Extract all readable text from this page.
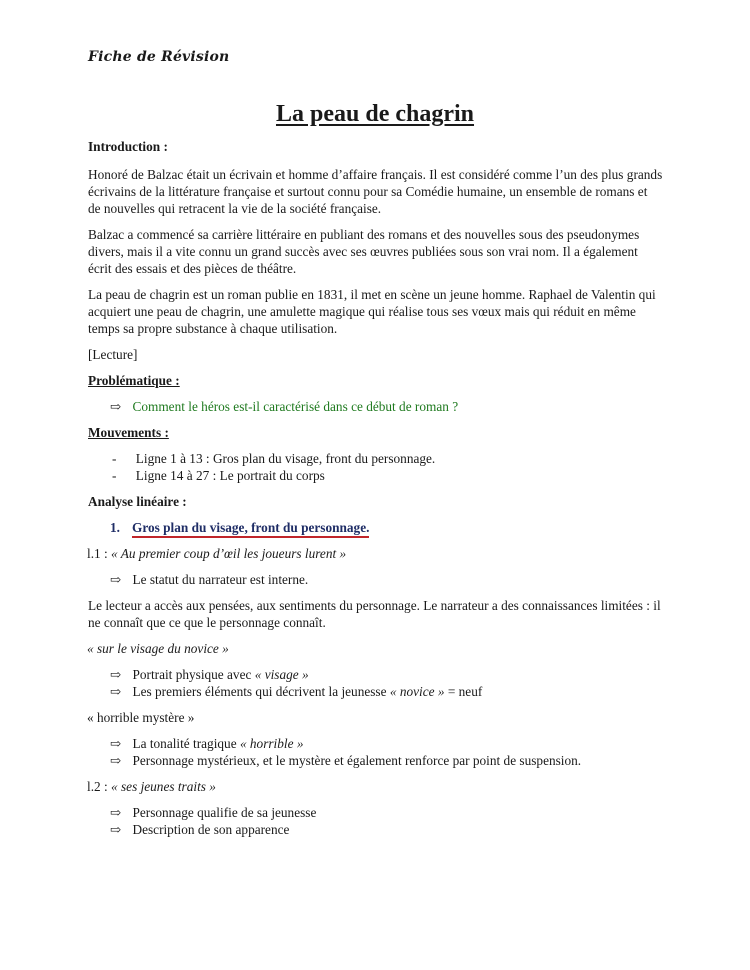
Fiche de Révision
La peau de chagrin

Introduction :

Honoré de Balzac était un écrivain et homme d’affaire français. Il est considéré comme l’un des plus grands écrivains de la littérature française et surtout connu pour sa Comédie humaine, un ensemble de romans et de nouvelles qui retracent la vie de la société française.

Balzac a commencé sa carrière littéraire en publiant des romans et des nouvelles sous des pseudonymes divers, mais il a vite connu un grand succès avec ses œuvres publiées sous son vrai nom. Il a également écrit des essais et des pièces de théâtre.

La peau de chagrin est un roman publie en 1831, il met en scène un jeune homme. Raphael de Valentin qui acquiert une peau de chagrin, une amulette magique qui réalise tous ses vœux mais qui réduit en même temps sa propre substance à chaque utilisation.

[Lecture]

Problématique :

⇨ Comment le héros est-il caractérisé dans ce début de roman ?

Mouvements :

- Ligne 1 à 13 : Gros plan du visage, front du personnage.

- Ligne 14 à 27 : Le portrait du corps

Analyse linéaire :

1. Gros plan du visage, front du personnage.

l.1 : « Au premier coup d’œil les joueurs lurent »

⇨ Le statut du narrateur est interne.

Le lecteur a accès aux pensées, aux sentiments du personnage. Le narrateur a des connaissances limitées : il ne connaît que ce que le personnage connaît.

« sur le visage du novice »

⇨ Portrait physique avec « visage »

⇨ Les premiers éléments qui décrivent la jeunesse « novice » = neuf

« horrible mystère »

⇨ La tonalité tragique « horrible »

⇨ Personnage mystérieux, et le mystère et également renforce par point de suspension.

l.2 : « ses jeunes traits »

⇨ Personnage qualifie de sa jeunesse

⇨ Description de son apparence
